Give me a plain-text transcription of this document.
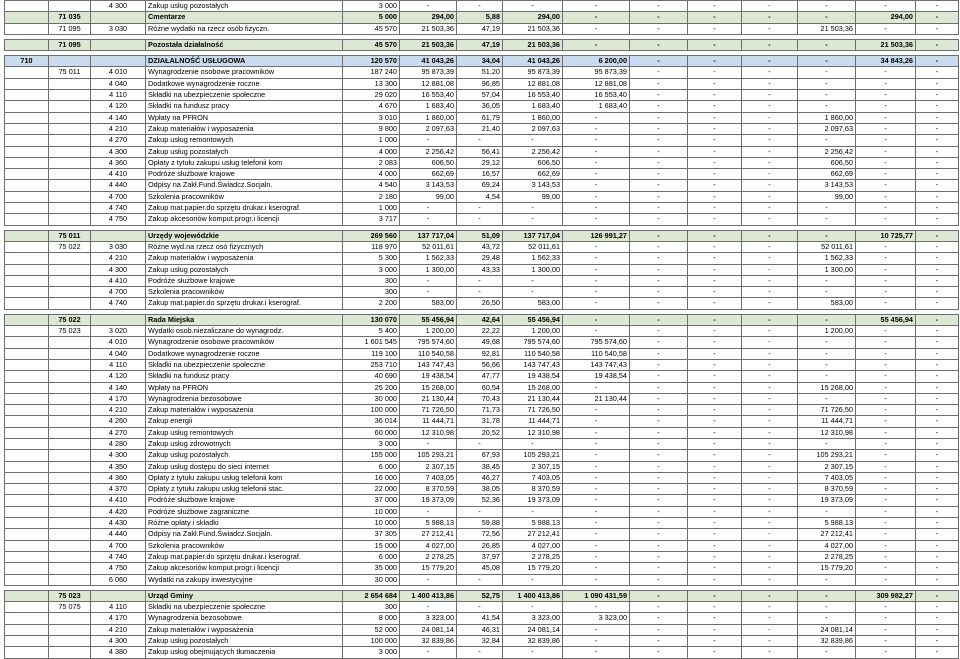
		4 300	Zakup usług pozostałych	3 000	-	-	-	-	-	-	-	-	-	-
	71 035		Cmentarze	5 000	294,00	5,88	294,00	-	-	-	-	-	294,00	-
	71 095	3 030	Różne wydatki na rzecz osób fizyczn.	45 570	21 503,36	47,19	21 503,36	-	-	-	-	21 503,36	-	-

	71 095		Pozostała działalność	45 570	21 503,36	47,19	21 503,36	-	-	-	-	-	21 503,36	-

710			DZIAŁALNOŚĆ USŁUGOWA	120 570	41 043,26	34,04	41 043,26	6 200,00	-	-	-	-	34 843,26	-
	75 011	4 010	Wynagrodzenie osobowe pracowników	187 240	95 873,39	51,20	95 873,39	95 873,39	-	-	-	-	-	-
		4 040	Dodatkowe wynagrodzenie roczne	13 300	12 881,08	96,85	12 881,08	12 881,08	-	-	-	-	-	-
		4 110	Składki na ubezpieczenie społeczne	29 020	16 553,40	57,04	16 553,40	16 553,40	-	-	-	-	-	-
		4 120	Składki na fundusz pracy	4 670	1 683,40	36,05	1 683,40	1 683,40	-	-	-	-	-	-
		4 140	Wpłaty na PFRON	3 010	1 860,00	61,79	1 860,00	-	-	-	-	1 860,00	-	-
		4 210	Zakup materiałów i wyposażenia	9 800	2 097,63	21,40	2 097,63	-	-	-	-	2 097,63	-	-
		4 270	Zakup usług remontowych	1 000	-	-	-	-	-	-	-	-	-	-
		4 300	Zakup usług pozostałych	4 000	2 256,42	56,41	2 256,42	-	-	-	-	2 256,42	-	-
		4 360	Opłaty z tytułu zakupu usług telefonii kom	2 083	606,50	29,12	606,50	-	-	-	-	606,50	-	-
		4 410	Podróże służbowe krajowe	4 000	662,69	16,57	662,69	-	-	-	-	662,69	-	-
		4 440	Odpisy na Zakł.Fund.Świadcz.Socjaln.	4 540	3 143,53	69,24	3 143,53	-	-	-	-	3 143,53	-	-
		4 700	Szkolenia pracowników	2 180	99,00	4,54	99,00	-	-	-	-	99,00	-	-
		4 740	Zakup mat.papier.do sprzętu drukar.i kserograf.	1 000	-	-	-	-	-	-	-	-	-	-
		4 750	Zakup akcesoriów komput.progr.i licencji	3 717	-	-	-	-	-	-	-	-	-	-

	75 011		Urzędy wojewódzkie	269 560	137 717,04	51,09	137 717,04	126 991,27	-	-	-	-	10 725,77	-
	75 022	3 030	Różne wyd.na rzecz osó fizycznych	118 970	52 011,61	43,72	52 011,61	-	-	-	-	52 011,61	-	-
		4 210	Zakup materiałów i wyposażenia	5 300	1 562,33	29,48	1 562,33	-	-	-	-	1 562,33	-	-
		4 300	Zakup usług pozostałych	3 000	1 300,00	43,33	1 300,00	-	-	-	-	1 300,00	-	-
		4 410	Podróże służbowe krajowe	300	-	-	-	-	-	-	-	-	-	-
		4 700	Szkolenia pracowników	300	-	-	-	-	-	-	-	-	-	-
		4 740	Zakup mat.papier.do sprzętu drukar.i kserograf.	2 200	583,00	26,50	583,00	-	-	-	-	583,00	-	-

	75 022		Rada Miejska	130 070	55 456,94	42,64	55 456,94	-	-	-	-	-	55 456,94	-
	75 023	3 020	Wydatki osob.niezaliczane do wynagrodz.	5 400	1 200,00	22,22	1 200,00	-	-	-	-	1 200,00	-	-
		4 010	Wynagrodzenie osobowe pracowników	1 601 545	795 574,60	49,68	795 574,60	795 574,60	-	-	-	-	-	-
		4 040	Dodatkowe wynagrodzenie roczne	119 100	110 540,58	92,81	110 540,58	110 540,58	-	-	-	-	-	-
		4 110	Składki na ubezpieczenie społeczne	253 710	143 747,43	56,66	143 747,43	143 747,43	-	-	-	-	-	-
		4 120	Składki na fundusz pracy	40 690	19 438,54	47,77	19 438,54	19 438,54	-	-	-	-	-	-
		4 140	Wpłaty na PFRON	25 200	15 268,00	60,54	15 268,00	-	-	-	-	15 268,00	-	-
		4 170	Wynagrodzenia bezosobowe	30 000	21 130,44	70,43	21 130,44	21 130,44	-	-	-	-	-	-
		4 210	Zakup materiałów i wyposażenia	100 000	71 726,50	71,73	71 726,50	-	-	-	-	71 726,50	-	-
		4 260	Zakup energii	36 014	11 444,71	31,78	11 444,71	-	-	-	-	11 444,71	-	-
		4 270	Zakup usług remontowych	60 000	12 310,98	20,52	12 310,98	-	-	-	-	12 310,98	-	-
		4 280	Zakup usług zdrowotnych	3 000	-	-	-	-	-	-	-	-	-	-
		4 300	Zakup usług pozostałych	155 000	105 293,21	67,93	105 293,21	-	-	-	-	105 293,21	-	-
		4 350	Zakup usług dostępu do sieci internet	6 000	2 307,15	38,45	2 307,15	-	-	-	-	2 307,15	-	-
		4 360	Opłaty z tytułu zakupu usług telefonii kom	16 000	7 403,05	46,27	7 403,05	-	-	-	-	7 403,05	-	-
		4 370	Opłaty z tytułu zakupu usług telefonii stac.	22 000	8 370,59	38,05	8 370,59	-	-	-	-	8 370,59	-	-
		4 410	Podróże służbowe krajowe	37 000	19 373,09	52,36	19 373,09	-	-	-	-	19 373,09	-	-
		4 420	Podróże służbowe zagraniczne	10 000	-	-	-	-	-	-	-	-	-	-
		4 430	Różne opłaty i składki	10 000	5 988,13	59,88	5 988,13	-	-	-	-	5 988,13	-	-
		4 440	Odpisy na Zakł.Fund.Świadcz.Socjaln.	37 305	27 212,41	72,56	27 212,41	-	-	-	-	27 212,41	-	-
		4 700	Szkolenia pracowników	15 000	4 027,00	26,85	4 027,00	-	-	-	-	4 027,00	-	-
		4 740	Zakup mat.papier.do sprzętu drukar.i kserograf.	6 000	2 278,25	37,97	2 278,25	-	-	-	-	2 278,25	-	-
		4 750	Zakup akcesoriów komput.progr.i licencji	35 000	15 779,20	45,08	15 779,20	-	-	-	-	15 779,20	-	-
		6 060	Wydatki na zakupy inwestycyjne	30 000	-	-	-	-	-	-	-	-	-	-

	75 023		Urząd Gminy	2 654 684	1 400 413,86	52,75	1 400 413,86	1 090 431,59	-	-	-	-	309 982,27	-
	75 075	4 110	Składki na ubezpieczenie społeczne	300	-	-	-	-	-	-	-	-	-	-
		4 170	Wynagrodzenia bezosobowe	8 000	3 323,00	41,54	3 323,00	3 323,00	-	-	-	-	-	-
		4 210	Zakup materiałów i wyposażenia	52 000	24 081,14	46,31	24 081,14	-	-	-	-	24 081,14	-	-
		4 300	Zakup usług pozostałych	100 000	32 839,86	32,84	32 839,86	-	-	-	-	32 839,86	-	-
		4 380	Zakup usług obejmujących tłumaczenia	3 000	-	-	-	-	-	-	-	-	-	-
